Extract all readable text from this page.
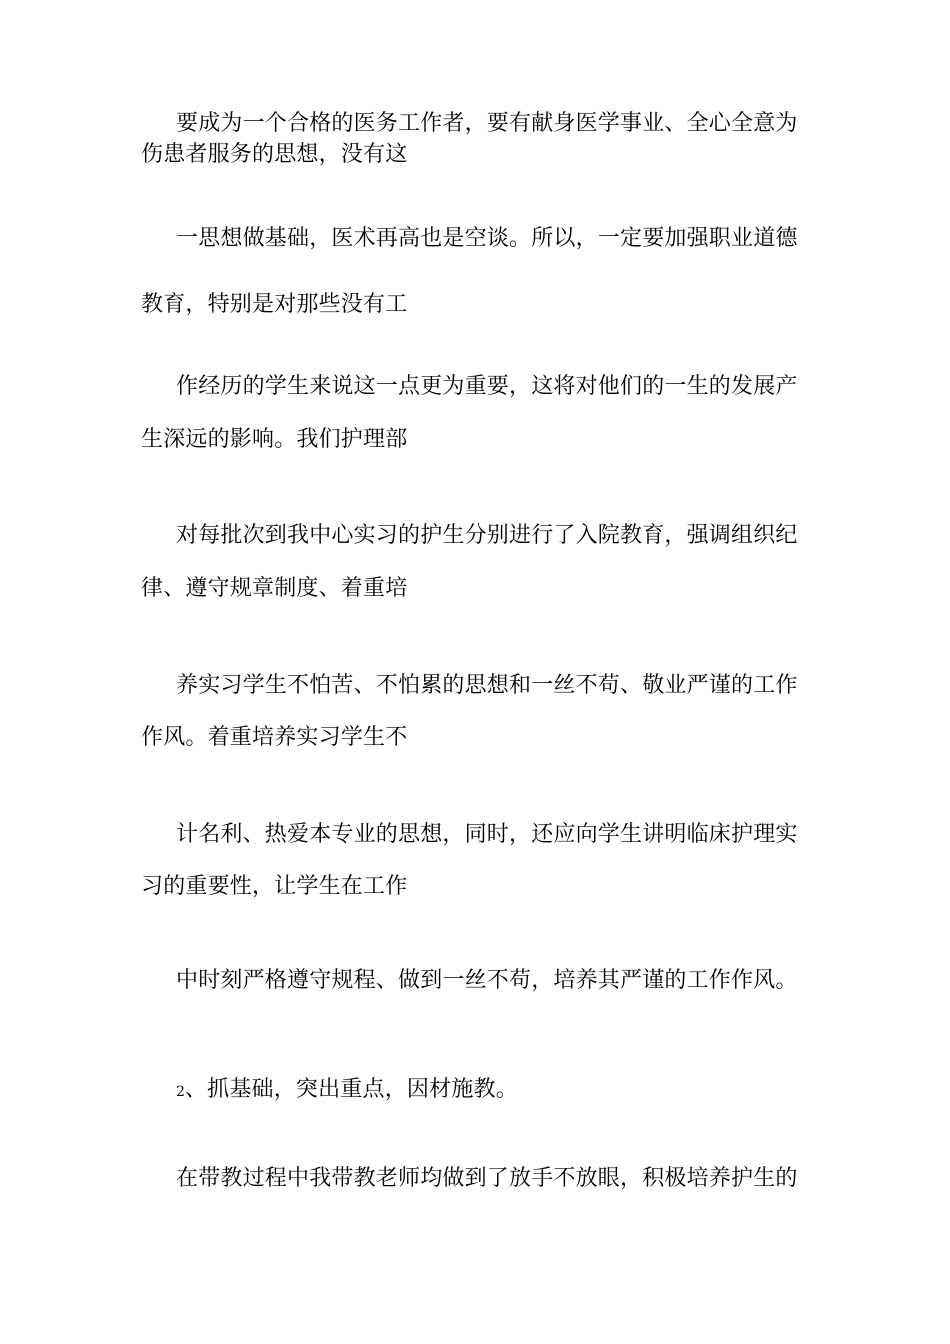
要成为一个合格的医务工作者，要有献身医学事业、全心全意为
伤患者服务的思想，没有这
一思想做基础，医术再高也是空谈。所以，一定要加强职业道德
教育，特别是对那些没有工
作经历的学生来说这一点更为重要，这将对他们的一生的发展产
生深远的影响。我们护理部
对每批次到我中心实习的护生分别进行了入院教育，强调组织纪
律、遵守规章制度、着重培
养实习学生不怕苦、不怕累的思想和一丝不苟、敬业严谨的工作
作风。着重培养实习学生不
计名利、热爱本专业的思想，同时，还应向学生讲明临床护理实
习的重要性，让学生在工作
中时刻严格遵守规程、做到一丝不苟，培养其严谨的工作作风。
2、抓基础，突出重点，因材施教。
在带教过程中我带教老师均做到了放手不放眼，积极培养护生的
